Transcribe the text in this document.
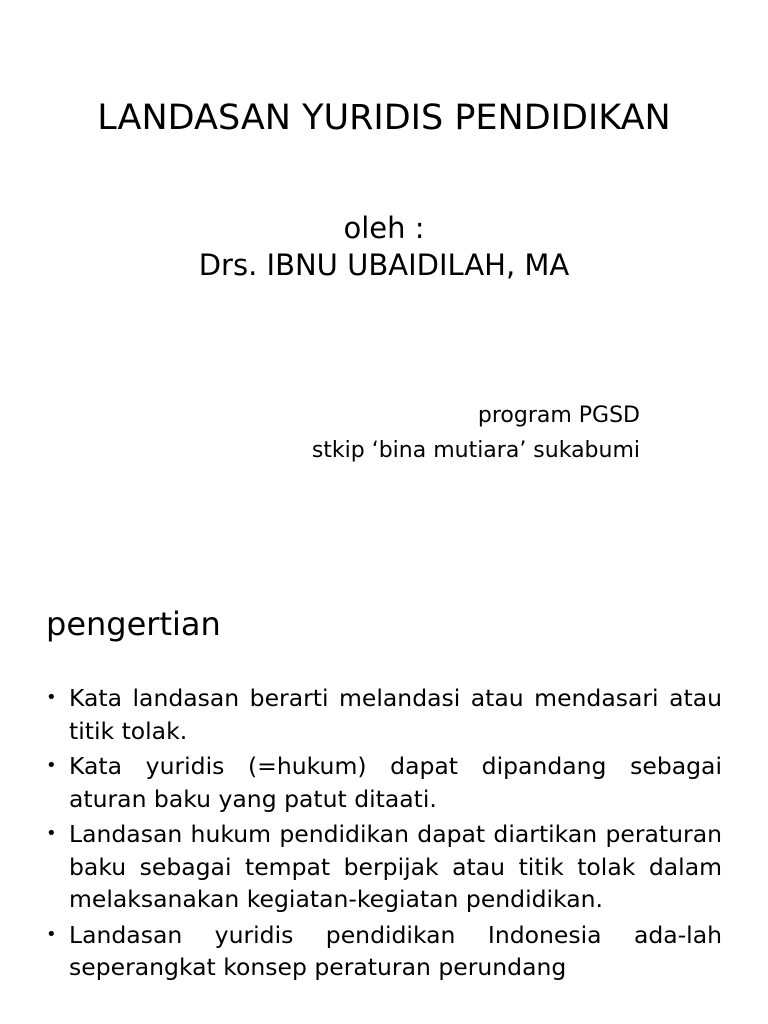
LANDASAN YURIDIS PENDIDIKAN
oleh :
Drs. IBNU UBAIDILAH, MA
program PGSD
stkip ‘bina mutiara’ sukabumi
pengertian
• Kata landasan berarti melandasi atau mendasari atau titik tolak.
• Kata yuridis (=hukum) dapat dipandang sebagai aturan baku yang patut ditaati.
• Landasan hukum pendidikan dapat diartikan peraturan baku sebagai tempat berpijak atau titik tolak dalam melaksanakan kegiatan-kegiatan pendidikan.
• Landasan yuridis pendidikan Indonesia ada-lah seperangkat konsep peraturan perundang
